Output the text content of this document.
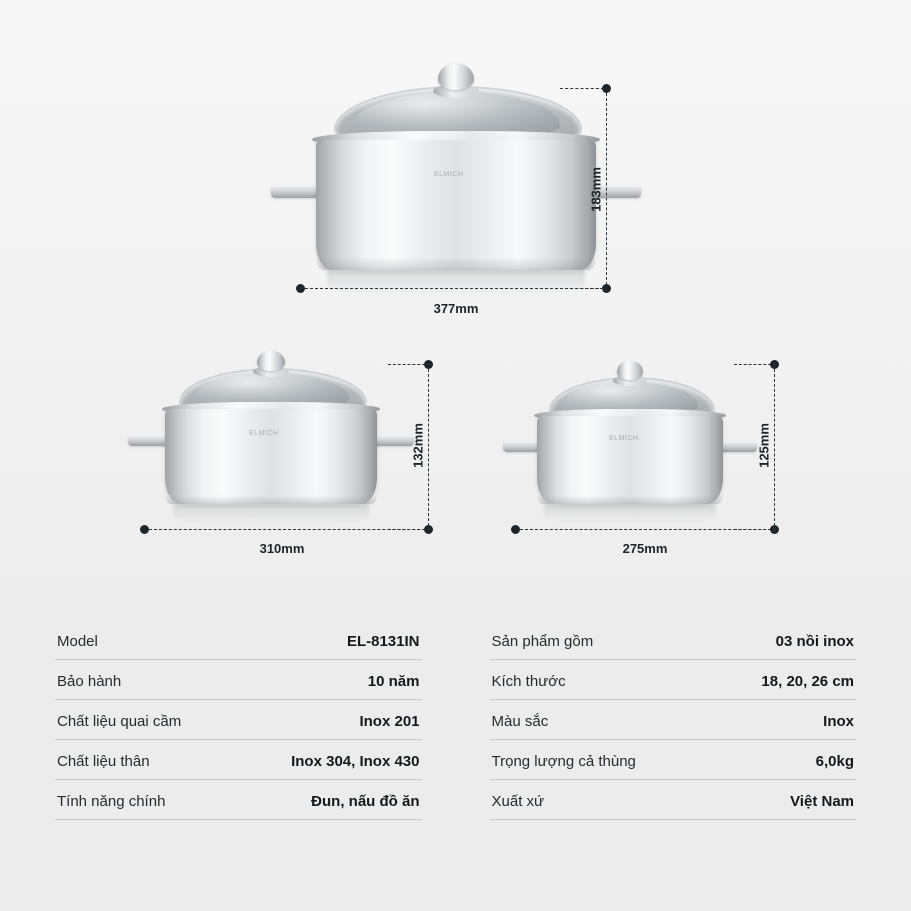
ELMICH	183mm
377mm
ELMICH	132mm
310mm
ELMICH	125mm
275mm
Model	EL-8131IN
Bảo hành	10 năm
Chất liệu quai cầm	Inox 201
Chất liệu thân	Inox 304, Inox 430
Tính năng chính	Đun, nấu đồ ăn
Sản phẩm gồm	03 nồi inox
Kích thước	18, 20, 26 cm
Màu sắc	Inox
Trọng lượng cả thùng	6,0kg
Xuất xứ	Việt Nam
